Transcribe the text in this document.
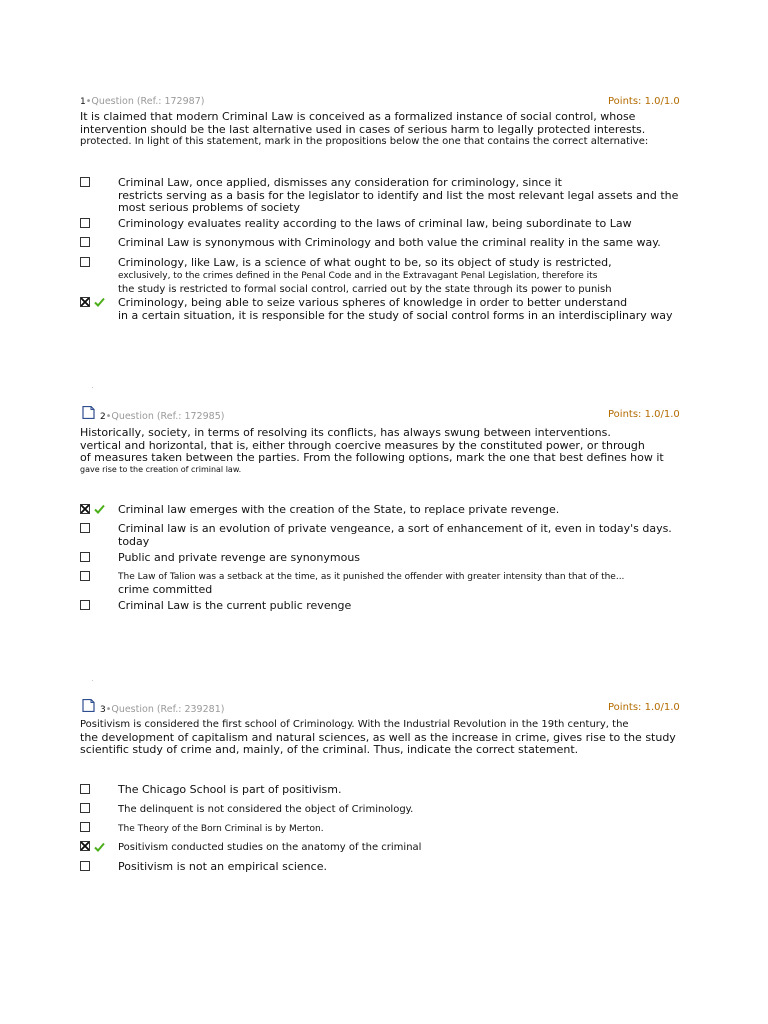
1•Question (Ref.: 172987)	Points: 1.0/1.0
It is claimed that modern Criminal Law is conceived as a formalized instance of social control, whose
intervention should be the last alternative used in cases of serious harm to legally protected interests.
protected. In light of this statement, mark in the propositions below the one that contains the correct alternative:
Criminal Law, once applied, dismisses any consideration for criminology, since it
restricts serving as a basis for the legislator to identify and list the most relevant legal assets and the
most serious problems of society
Criminology evaluates reality according to the laws of criminal law, being subordinate to Law
Criminal Law is synonymous with Criminology and both value the criminal reality in the same way.
Criminology, like Law, is a science of what ought to be, so its object of study is restricted,
exclusively, to the crimes defined in the Penal Code and in the Extravagant Penal Legislation, therefore its
the study is restricted to formal social control, carried out by the state through its power to punish
Criminology, being able to seize various spheres of knowledge in order to better understand
in a certain situation, it is responsible for the study of social control forms in an interdisciplinary way
2•Question (Ref.: 172985)	Points: 1.0/1.0
Historically, society, in terms of resolving its conflicts, has always swung between interventions.
vertical and horizontal, that is, either through coercive measures by the constituted power, or through
of measures taken between the parties. From the following options, mark the one that best defines how it
gave rise to the creation of criminal law.
Criminal law emerges with the creation of the State, to replace private revenge.
Criminal law is an evolution of private vengeance, a sort of enhancement of it, even in today's days.
today
Public and private revenge are synonymous
The Law of Talion was a setback at the time, as it punished the offender with greater intensity than that of the...
crime committed
Criminal Law is the current public revenge
3•Question (Ref.: 239281)	Points: 1.0/1.0
Positivism is considered the first school of Criminology. With the Industrial Revolution in the 19th century, the
the development of capitalism and natural sciences, as well as the increase in crime, gives rise to the study
scientific study of crime and, mainly, of the criminal. Thus, indicate the correct statement.
The Chicago School is part of positivism.
The delinquent is not considered the object of Criminology.
The Theory of the Born Criminal is by Merton.
Positivism conducted studies on the anatomy of the criminal
Positivism is not an empirical science.
